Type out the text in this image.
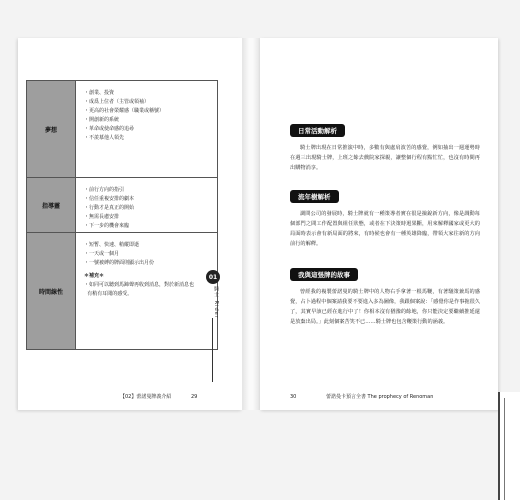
夢想
・創業、投資
・成爲上位者（主管或領袖）
・更高的社會榮耀感（職業或稱號）
・開創新的系統
・革命或使命感的追尋
・不羨慕他人領先
指導靈
・前行方向的指引
・信任重複安排的劇本
・行動才是真正的開始
・無需長慮安排
・下一步的機會來臨
時間線性
・短暫、快速、稍縱即逝
・一天或一個月
・一號被縛的牌面則顯示出月份
＊補充＊
・如同可以聽到馬蹄聲再收到消息，對於新消息也
有稍有耳聞的感受。
01
騎士 Rider
【02】蕾諾曼牌義介紹	29
日常活動解析
騎士牌出現在日常推演中時，多數有與處肩波苦的感覺，例如抽出一週運勢時在週三出現騎士牌，上班之餘去戲院家探親，讓整個行程有點忙忙，也沒有時間再出購物消享。
流年樹解析
調問公司的發展時，騎士牌就有一種策導者實在很是撿銳新方向，像是調動每個部門之間工作配置與組任狀態，或者在下決策時迴果斷，用來解釋國家或更大的局面時表示會有新局面的將來，有時候也會有一種英雄降臨，帶領大家往新的方向前行的解釋。
我與這張牌的故事
曾經我的複製蕾諾曼的騎士牌中的人物右手拿著一根馬鞭，有著馳策兼馬的感覺，占卜過程中個案請我要不要進入多為圖像，我跟個案說：「感覺你是作事拖很久了，其實早該已經在進行中了！你相本沒有猶豫的餘地，你只能決定要繼續推延還是放棄出局。」此刻個案苦笑不已……騎士牌也包含鞭策行動的涵義。
30	蕾諾曼卡預言全書 The prophecy of Renoman
